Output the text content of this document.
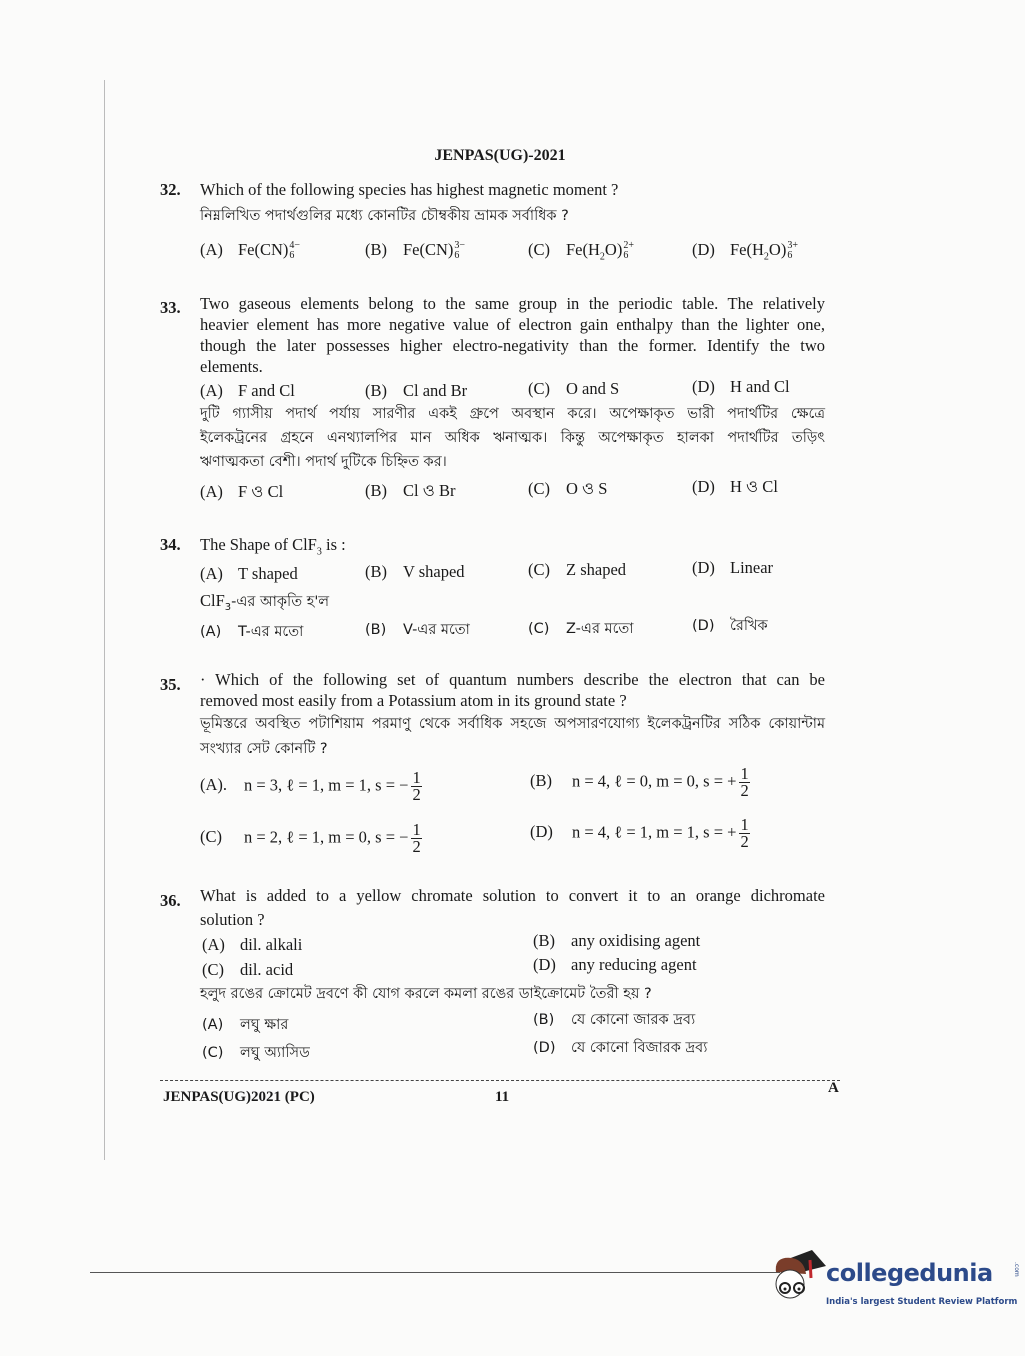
JENPAS(UG)-2021
32. Which of the following species has highest magnetic moment ?
নিম্নলিখিত পদার্থগুলির মধ্যে কোনটির চৌম্বকীয় ভ্রামক সর্বাধিক ?
(A) Fe(CN) 4−
6	(B) Fe(CN) 3−
6	(C) $Fe(H_2O)$ 2+
6	(D) $Fe(H_2O)$ 3+
6
33. Two gaseous elements belong to the same group in the periodic table. The relatively
heavier element has more negative value of electron gain enthalpy than the lighter one,
though the later possesses higher electro-negativity than the former. Identify the two
elements.
(A) F and Cl	(B) Cl and Br	(C) O and S	(D) H and Cl
দুটি গ্যাসীয় পদার্থ পর্যায় সারণীর একই গ্রুপে অবস্থান করে। অপেক্ষাকৃত ভারী পদার্থটির ক্ষেত্রে
ইলেকট্রনের গ্রহনে এনথ্যালপির মান অধিক ঋনাত্মক। কিন্তু অপেক্ষাকৃত হালকা পদার্থটির তড়িৎ
ঋণাত্মকতা বেশী। পদার্থ দুটিকে চিহ্নিত কর।
(A) F ও Cl	(B) Cl ও Br	(C) O ও S	(D) H ও Cl
34. The Shape of ClF$_3$ is :
(A) T shaped	(B) V shaped	(C) Z shaped	(D) Linear
ClF$_3$-এর আকৃতি হ'ল
(A) T-এর মতো	(B) V-এর মতো	(C) Z-এর মতো	(D) রৈখিক
35. · Which of the following set of quantum numbers describe the electron that can be
removed most easily from a Potassium atom in its ground state ?
ভূমিস্তরে অবস্থিত পটাশিয়াম পরমাণু থেকে সর্বাধিক সহজে অপসারণযোগ্য ইলেকট্রনটির সঠিক কোয়ান্টাম
সংখ্যার সেট কোনটি ?
(A). n = 3, ℓ = 1, m = 1, s = − $\frac{1}{2}$	(B) n = 4, ℓ = 0, m = 0, s = + $\frac{1}{2}$
(C) n = 2, ℓ = 1, m = 0, s = − $\frac{1}{2}$	(D) n = 4, ℓ = 1, m = 1, s = + $\frac{1}{2}$
36. What is added to a yellow chromate solution to convert it to an orange dichromate
solution ?
(A) dil. alkali	(B) any oxidising agent
(C) dil. acid	(D) any reducing agent
হলুদ রঙের ক্রোমেট দ্রবণে কী যোগ করলে কমলা রঙের ডাইক্রোমেট তৈরী হয় ?
(A) লঘু ক্ষার	(B) যে কোনো জারক দ্রব্য
(C) লঘু অ্যাসিড	(D) যে কোনো বিজারক দ্রব্য
JENPAS(UG)2021 (PC)	11
A
collegedunia	.com
India's largest Student Review Platform
